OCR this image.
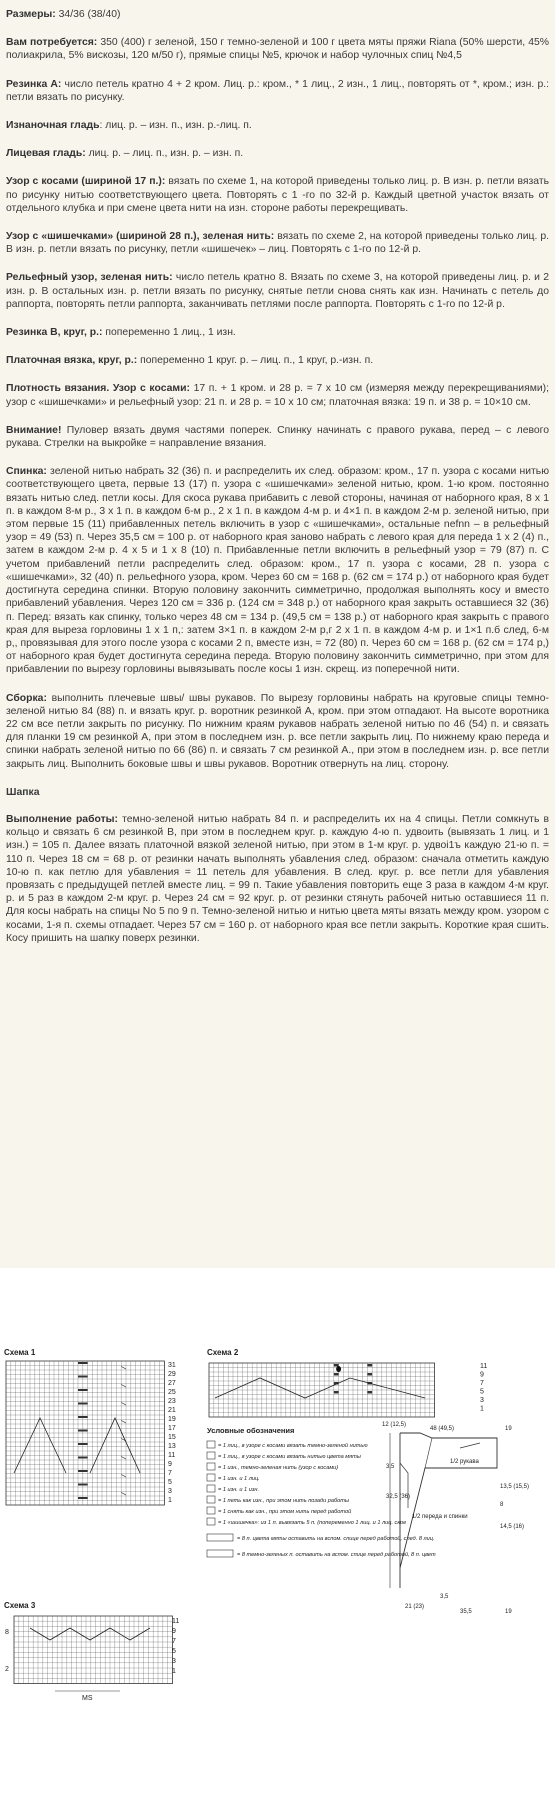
Размеры: 34/36 (38/40)
Вам потребуется: 350 (400) г зеленой, 150 г темно-зеленой и 100 г цвета мяты пряжи Riana (50% шерсти, 45% полиакрила, 5% вискозы, 120 м/50 г), прямые спицы №5, крючок и набор чулочных спиц №4,5
Резинка А: число петель кратно 4 + 2 кром. Лиц. р.: кром., * 1 лиц., 2 изн., 1 лиц., повторять от *, кром.; изн. р.: петли вязать по рисунку.
Изнаночная гладь: лиц. р. – изн. п., изн. р.-лиц. п.
Лицевая гладь: лиц. р. – лиц. п., изн. р. – изн. п.
Узор с косами (шириной 17 п.): вязать по схеме 1, на которой приведены только лиц. р. В изн. р. петли вязать по рисунку нитью соответствующего цвета. Повторять с 1 -го по 32-й р. Каждый цветной участок вязать от отдельного клубка и при смене цвета нити на изн. стороне работы перекрещивать.
Узор с «шишечками» (шириной 28 п.), зеленая нить: вязать по схеме 2, на которой приведены только лиц. р. В изн. р. петли вязать по рисунку, петли «шишечек» – лиц. Повторять с 1-го по 12-й р.
Рельефный узор, зеленая нить: число петель кратно 8. Вязать по схеме 3, на которой приведены лиц. р. и 2 изн. р. В остальных изн. р. петли вязать по рисунку, снятые петли снова снять как изн. Начинать с петель до раппорта, повторять петли раппорта, заканчивать петлями после раппорта. Повторять с 1-го по 12-й р.
Резинка В, круг, р.: попеременно 1 лиц., 1 изн.
Платочная вязка, круг, р.: попеременно 1 круг. р. – лиц. п., 1 круг, р.-изн. п.
Плотность вязания. Узор с косами: 17 п. + 1 кром. и 28 р. = 7 х 10 см (измеряя между перекрещиваниями); узор с «шишечками» и рельефный узор: 21 п. и 28 р. = 10 х 10 см; платочная вязка: 19 п. и 38 р. = 10×10 см.
Внимание! Пуловер вязать двумя частями поперек. Спинку начинать с правого рукава, перед – с левого рукава. Стрелки на выкройке = направление вязания.
Спинка: зеленой нитью набрать 32 (36) п. и распределить их след. образом: кром., 17 п. узора с косами нитью соответствующего цвета, первые 13 (17) п. узора с «шишечками» зеленой нитью, кром. 1-ю кром. постоянно вязать нитью след. петли косы. Для скоса рукава прибавить с левой стороны, начиная от наборного края, 8 х 1 п. в каждом 8-м р., 3 х 1 п. в каждом 6-м р., 2 х 1 п. в каждом 4-м р. и 4×1 п. в каждом 2-м р. зеленой нитью, при этом первые 15 (11) прибавленных петель включить в узор с «шишечками», остальные nefnn – в рельефный узор = 49 (53) п. Через 35,5 см = 100 р. от наборного края заново набрать с левого края для переда 1 х 2 (4) п., затем в каждом 2-м р. 4 х 5 и 1 х 8 (10) п. Прибавленные петли включить в рельефный узор = 79 (87) п. С учетом прибавлений петли распределить след. образом: кром., 17 п. узора с косами, 28 п. узора с «шишечками», 32 (40) п. рельефного узора, кром. Через 60 см = 168 р. (62 см = 174 р.) от наборного края будет достигнута середина спинки. Вторую половину закончить симметрично, продолжая выполнять косу и вместо прибавлений убавления. Через 120 см = 336 р. (124 см = 348 р.) от наборного края закрыть оставшиеся 32 (36) п. Перед: вязать как спинку, только через 48 см = 134 р. (49,5 см = 138 р.) от наборного края закрыть с правого края для выреза горловины 1 х 1 п,: затем 3×1 п. в каждом 2-м р,г 2 х 1 п. в каждом 4-м р. и 1×1 п.б след, 6-м р,, провязывая для этого после узора с косами 2 п, вместе изн, = 72 (80) п. Через 60 см = 168 р. (62 см = 174 р,) от наборного края будет достигнута середина переда. Вторую половину закончить симметрично, при этом для прибавлении по вырезу горловины вывязывать после косы 1 изн. скрещ. из поперечной нити.
Сборка: выполнить плечевые швы/ швы рукавов. По вырезу горловины набрать на круговые спицы темно-зеленой нитью 84 (88) п. и вязать круг. р. воротник резинкой А, кром. при этом отпадают. На высоте воротника 22 см все петли закрыть по рисунку. По нижним краям рукавов набрать зеленой нитью по 46 (54) п. и связать для планки 19 см резинкой А, при этом в последнем изн. р. все петли закрыть лиц. По нижнему краю переда и спинки набрать зеленой нитью по 66 (86) п. и связать 7 см резинкой А., при этом в последнем изн. р. все петли закрыть лиц. Выполнить боковые швы и швы рукавов. Воротник отвернуть на лиц. сторону.
Шапка
Выполнение работы: темно-зеленой нитью набрать 84 п. и распределить их на 4 спицы. Петли сомкнуть в кольцо и связать 6 см резинкой В, при этом в последнем круг. р. каждую 4-ю п. удвоить (вывязать 1 лиц. и 1 изн.) = 105 п. Далее вязать платочной вязкой зеленой нитью, при этом в 1-м круг. р. удвоі1ъ каждую 21-ю п. = 110 п. Через 18 см = 68 р. от резинки начать выполнять убавления след. образом: сначала отметить каждую 10-ю п. как петлю для убавления = 11 петель для убавления. В след. круг. р. все петли для убавления провязать с предыдущей петлей вместе лиц. = 99 п. Такие убавления повторить еще 3 раза в каждом 4-м круг. р. и 5 раз в каждом 2-м круг. р. Через 24 см = 92 круг. р. от резинки стянуть рабочей нитью оставшиеся 11 п. Для косы набрать на спицы No 5 по 9 п. Темно-зеленой нитью и нитью цвета мяты вязать между кром. узором с косами, 1-я п. схемы отпадает. Через 57 см = 160 р. от наборного края все петли закрыть. Короткие края сшить. Косу пришить на шапку поверх резинки.
Схема 1
31
29
27
25
23
21
19
17
15
13
11
9
7
5
3
1
Схема 3
11
9
7
5
3
1
8
2
MS
Схема 2
11
9
7
5
3
1
Условные обозначения
= 1 лиц., в узоре с косами вязать темно-зеленой нитью
= 1 лиц., в узоре с косами вязать нитью цвета мяты
= 1 изн., темно-зеленая нить (узор с косами)
= 1 изн. и 1 лиц.
= 1 изн. и 1 изн.
= 1 петь как изн., при этом нить позади работы
= 1 снять как изн., при этом нить перед работой
= 1 «шишечка»: из 1 п. вывязать 5 п. (попеременно 1 лиц. и 1 лиц. скре
= 8 п. цвета мяты оставить на вспом. спице перед работой, след. 8 лиц.
= 8 темно-зеленых п. оставить на вспом. спице перед работой, 8 п. цвет
12 (12,5)
48 (49,5)	19
3,5
32,5 (36)
1/2 переда и спинки
1/2 рукава
13,5 (15,5)
8
14,5 (16)
21 (23)
3,5
35,5	19
